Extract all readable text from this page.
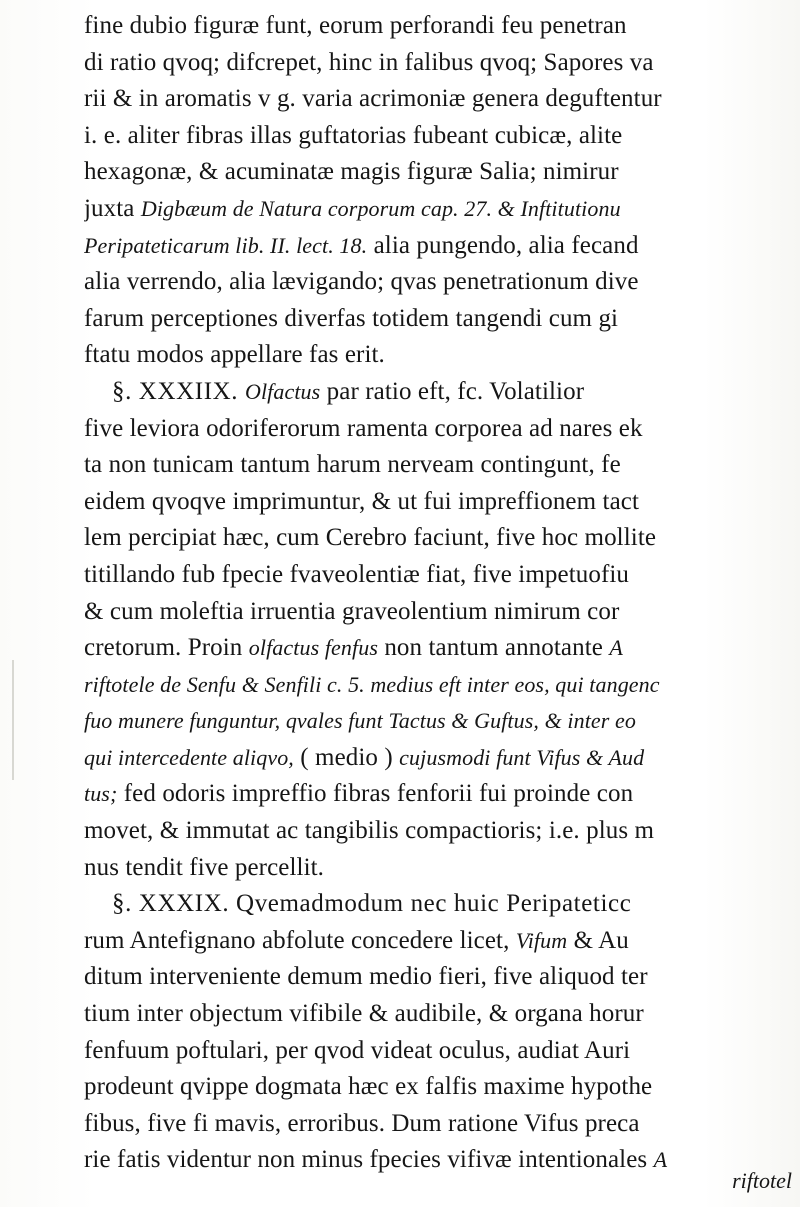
fine dubio figuræ funt, eorum perforandi feu penetran
di ratio qvoq; difcrepet, hinc in falibus qvoq; Sapores va
rii & in aromatis v g. varia acrimoniæ genera deguftentur
i. e. aliter fibras illas guftatorias fubeant cubicæ, alite
hexagonæ, & acuminatæ magis figuræ Salia; nimirur
juxta Digbæum de Natura corporum cap. 27. & Inftitutionu
Peripateticarum lib. II. lect. 18. alia pungendo, alia fecand
alia verrendo, alia lævigando; qvas penetrationum dive
farum perceptiones diverfas totidem tangendi cum gi
ftatu modos appellare fas erit.
§. XXXIIX. Olfactus par ratio eft, fc. Volatilior
five leviora odoriferorum ramenta corporea ad nares ek
ta non tunicam tantum harum nerveam contingunt, fe
eidem qvoqve imprimuntur, & ut fui impreffionem tact
lem percipiat hæc, cum Cerebro faciunt, five hoc mollite
titillando fub fpecie fvaveolentiæ fiat, five impetuofiu
& cum moleftia irruentia graveolentium nimirum cor
cretorum. Proin olfactus fenfus non tantum annotante A
riftotele de Senfu & Senfili c. 5. medius eft inter eos, qui tangenc
fuo munere funguntur, qvales funt Tactus & Guftus, & inter eo
qui intercedente aliqvo, ( medio ) cujusmodi funt Vifus & Aud
tus; fed odoris impreffio fibras fenforii fui proinde con
movet, & immutat ac tangibilis compactioris; i.e. plus m
nus tendit five percellit.
§. XXXIX. Qvemadmodum nec huic Peripateticc
rum Antefignano abfolute concedere licet, Vifum & Au
ditum interveniente demum medio fieri, five aliquod ter
tium inter objectum vifibile & audibile, & organa horur
fenfuum poftulari, per qvod videat oculus, audiat Auri
prodeunt qvippe dogmata hæc ex falfis maxime hypothe
fibus, five fi mavis, erroribus. Dum ratione Vifus preca
rie fatis videntur non minus fpecies vifivæ intentionales A
riftotel
